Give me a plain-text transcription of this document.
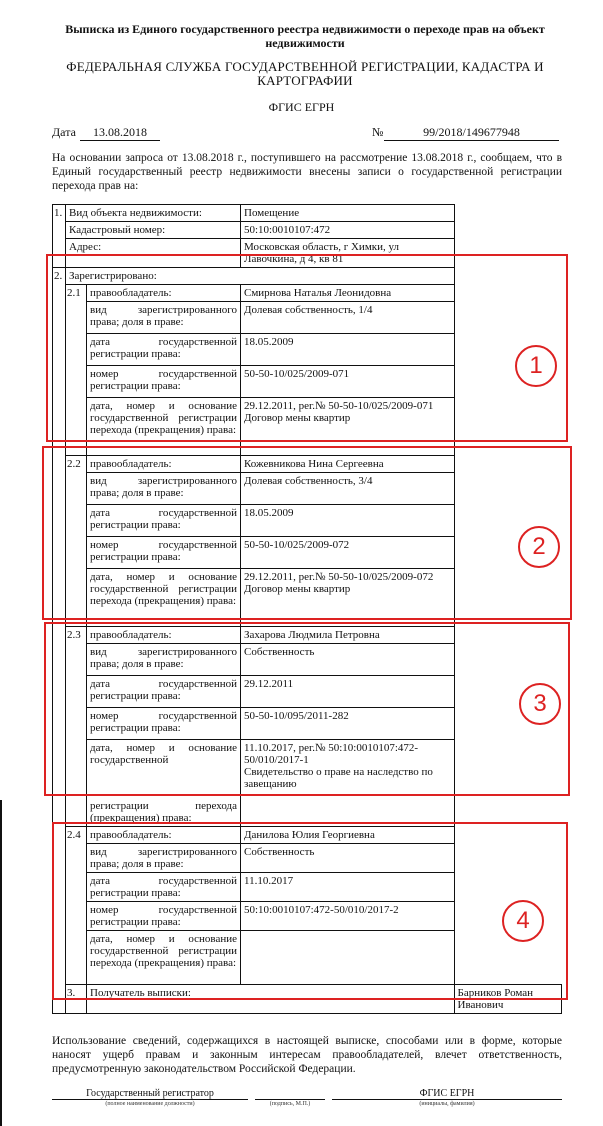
Выписка из Единого государственного реестра недвижимости о переходе прав на объект недвижимости
ФЕДЕРАЛЬНАЯ СЛУЖБА ГОСУДАРСТВЕННОЙ РЕГИСТРАЦИИ, КАДАСТРА И КАРТОГРАФИИ
ФГИС ЕГРН
Дата	13.08.2018	№	99/2018/149677948
На основании запроса от 13.08.2018 г., поступившего на рассмотрение 13.08.2018 г., сообщаем, что в Единый государственный реестр недвижимости внесены записи о государственной регистрации перехода прав на:
1.	Вид объекта недвижимости:		Помещение	
	Кадастровый номер:		50:10:0010107:472	
	Адрес:		Московская область, г Химки, ул Лавочкина, д 4, кв 81	
2.	Зарегистрировано:			
	2.1	правообладатель:	Смирнова Наталья Леонидовна	
		вид зарегистрированного права; доля в праве:	Долевая собственность, 1/4	
		дата государственной регистрации права:	18.05.2009	
		номер государственной регистрации права:	50-50-10/025/2009-071	
		дата, номер и основание государственной регистрации перехода (прекращения) права:	29.12.2011, рег.№ 50-50-10/025/2009-071
Договор мены квартир	

	2.2	правообладатель:	Кожевникова Нина Сергеевна	
		вид зарегистрированного права; доля в праве:	Долевая собственность, 3/4	
		дата государственной регистрации права:	18.05.2009	
		номер государственной регистрации права:	50-50-10/025/2009-072	
		дата, номер и основание государственной регистрации перехода (прекращения) права:	29.12.2011, рег.№ 50-50-10/025/2009-072
Договор мены квартир	

	2.3	правообладатель:	Захарова Людмила Петровна	
		вид зарегистрированного права; доля в праве:	Собственность	
		дата государственной регистрации права:	29.12.2011	
		номер государственной регистрации права:	50-50-10/095/2011-282	
		дата, номер и основание государственной	11.10.2017, рег.№ 50:10:0010107:472-50/010/2017-1
Свидетельство о праве на наследство по завещанию	

		регистрации перехода (прекращения) права:		
	2.4	правообладатель:	Данилова Юлия Георгиевна	
		вид зарегистрированного права; доля в праве:	Собственность	
		дата государственной регистрации права:	11.10.2017	
		номер государственной регистрации права:	50:10:0010107:472-50/010/2017-2	
		дата, номер и основание государственной регистрации перехода (прекращения) права:		
	3.	Получатель выписки:		Барников Роман Иванович
1
2
3
4
Использование сведений, содержащихся в настоящей выписке, способами или в форме, которые наносят ущерб правам и законным интересам правообладателей, влечет ответственность, предусмотренную законодательством Российской Федерации.
Государственный регистратор
(полное наименование должности)
	(подпись, М.П.)
ФГИС ЕГРН
(инициалы, фамилия)
